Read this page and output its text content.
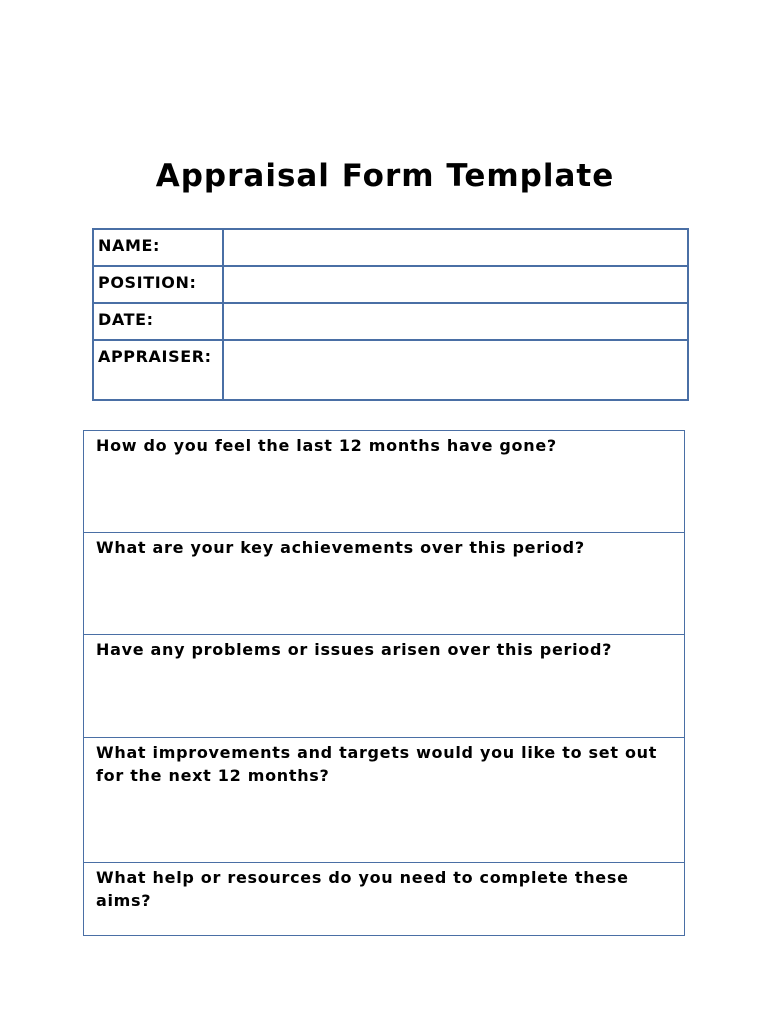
Appraisal Form Template
NAME:	
POSITION:	
DATE:	
APPRAISER:	
How do you feel the last 12 months have gone?
What are your key achievements over this period?
Have any problems or issues arisen over this period?
What improvements and targets would you like to set out for the next 12 months?
What help or resources do you need to complete these aims?
